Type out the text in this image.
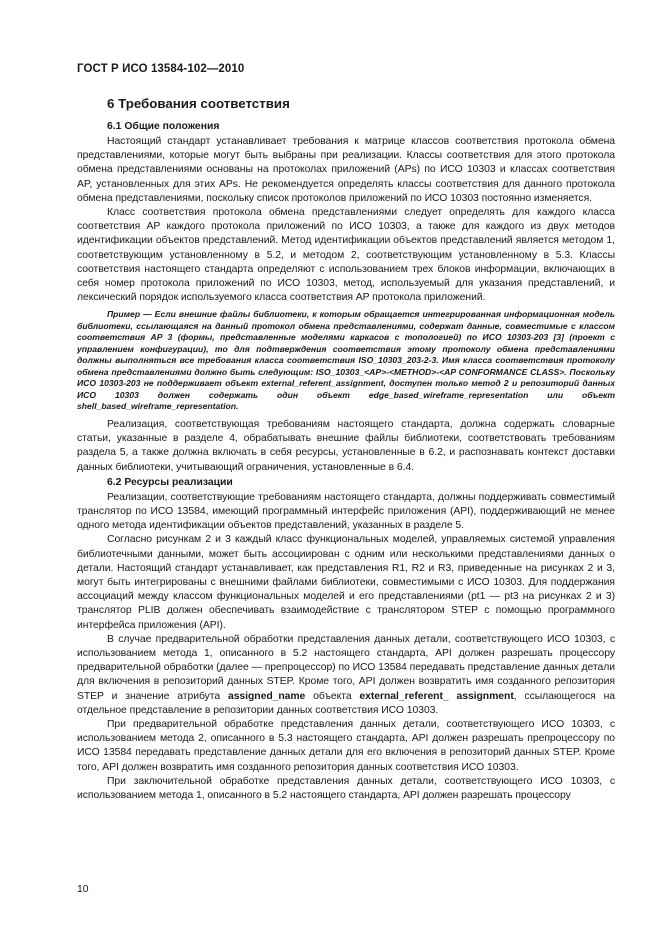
ГОСТ Р ИСО 13584-102—2010
6 Требования соответствия
6.1 Общие положения

Настоящий стандарт устанавливает требования к матрице классов соответствия протокола обмена представлениями, которые могут быть выбраны при реализации. Классы соответствия для этого протокола обмена представлениями основаны на протоколах приложений (APs) по ИСО 10303 и классах соответствия AP, установленных для этих APs. Не рекомендуется определять классы соответствия для данного протокола обмена представлениями, поскольку список протоколов приложений по ИСО 10303 постоянно изменяется.

Класс соответствия протокола обмена представлениями следует определять для каждого класса соответствия AP каждого протокола приложений по ИСО 10303, а также для каждого из двух методов идентификации объектов представлений. Метод идентификации объектов представлений является методом 1, соответствующим установленному в 5.2, и методом 2, соответствующим установленному в 5.3. Классы соответствия настоящего стандарта определяют с использованием трех блоков информации, включающих в себя номер протокола приложений по ИСО 10303, метод, используемый для указания представлений, и лексический порядок используемого класса соответствия AP протокола приложений.

Пример — Если внешние файлы библиотеки, к которым обращается интегрированная информационная модель библиотеки, ссылающаяся на данный протокол обмена представлениями, содержат данные, совместимые с классом соответствия AP 3 (формы, представленные моделями каркасов с топологией) по ИСО 10303-203 [3] (проект с управлением конфигурации), то для подтверждения соответствия этому протоколу обмена представлениями должны выполняться все требования класса соответствия ISO_10303_203-2-3. Имя класса соответствия протоколу обмена представлениями должно быть следующим: ISO_10303_<AP>-<METHOD>-<AP CONFORMANCE CLASS>. Поскольку ИСО 10303-203 не поддерживает объект external_referent_assignment, доступен только метод 2 и репозиторий данных ИСО 10303 должен содержать один объект edge_based_wireframe_representation или объект shell_based_wireframe_representation.

Реализация, соответствующая требованиям настоящего стандарта, должна содержать словарные статьи, указанные в разделе 4, обрабатывать внешние файлы библиотеки, соответствовать требованиям раздела 5, а также должна включать в себя ресурсы, установленные в 6.2, и распознавать контекст доставки данных библиотеки, учитывающий ограничения, установленные в 6.4.

6.2 Ресурсы реализации

Реализации, соответствующие требованиям настоящего стандарта, должны поддерживать совместимый транслятор по ИСО 13584, имеющий программный интерфейс приложения (API), поддерживающий не менее одного метода идентификации объектов представлений, указанных в разделе 5.

Согласно рисункам 2 и 3 каждый класс функциональных моделей, управляемых системой управления библиотечными данными, может быть ассоциирован с одним или несколькими представлениями данных о детали. Настоящий стандарт устанавливает, как представления R1, R2 и R3, приведенные на рисунках 2 и 3, могут быть интегрированы с внешними файлами библиотеки, совместимыми с ИСО 10303. Для поддержания ассоциаций между классом функциональных моделей и его представлениями (pt1 — pt3 на рисунках 2 и 3) транслятор PLIB должен обеспечивать взаимодействие с транслятором STEP с помощью программного интерфейса приложения (API).

В случае предварительной обработки представления данных детали, соответствующего ИСО 10303, с использованием метода 1, описанного в 5.2 настоящего стандарта, API должен разрешать процессору предварительной обработки (далее — препроцессор) по ИСО 13584 передавать представление данных детали для включения в репозиторий данных STEP. Кроме того, API должен возвратить имя созданного репозитория STEP и значение атрибута assigned_name объекта external_referent_ assignment, ссылающегося на отдельное представление в репозитории данных соответствия ИСО 10303.

При предварительной обработке представления данных детали, соответствующего ИСО 10303, с использованием метода 2, описанного в 5.3 настоящего стандарта, API должен разрешать препроцессору по ИСО 13584 передавать представление данных детали для его включения в репозиторий данных STEP. Кроме того, API должен возвратить имя созданного репозитория данных соответствия ИСО 10303.

При заключительной обработке представления данных детали, соответствующего ИСО 10303, с использованием метода 1, описанного в 5.2 настоящего стандарта, API должен разрешать процессору

10
